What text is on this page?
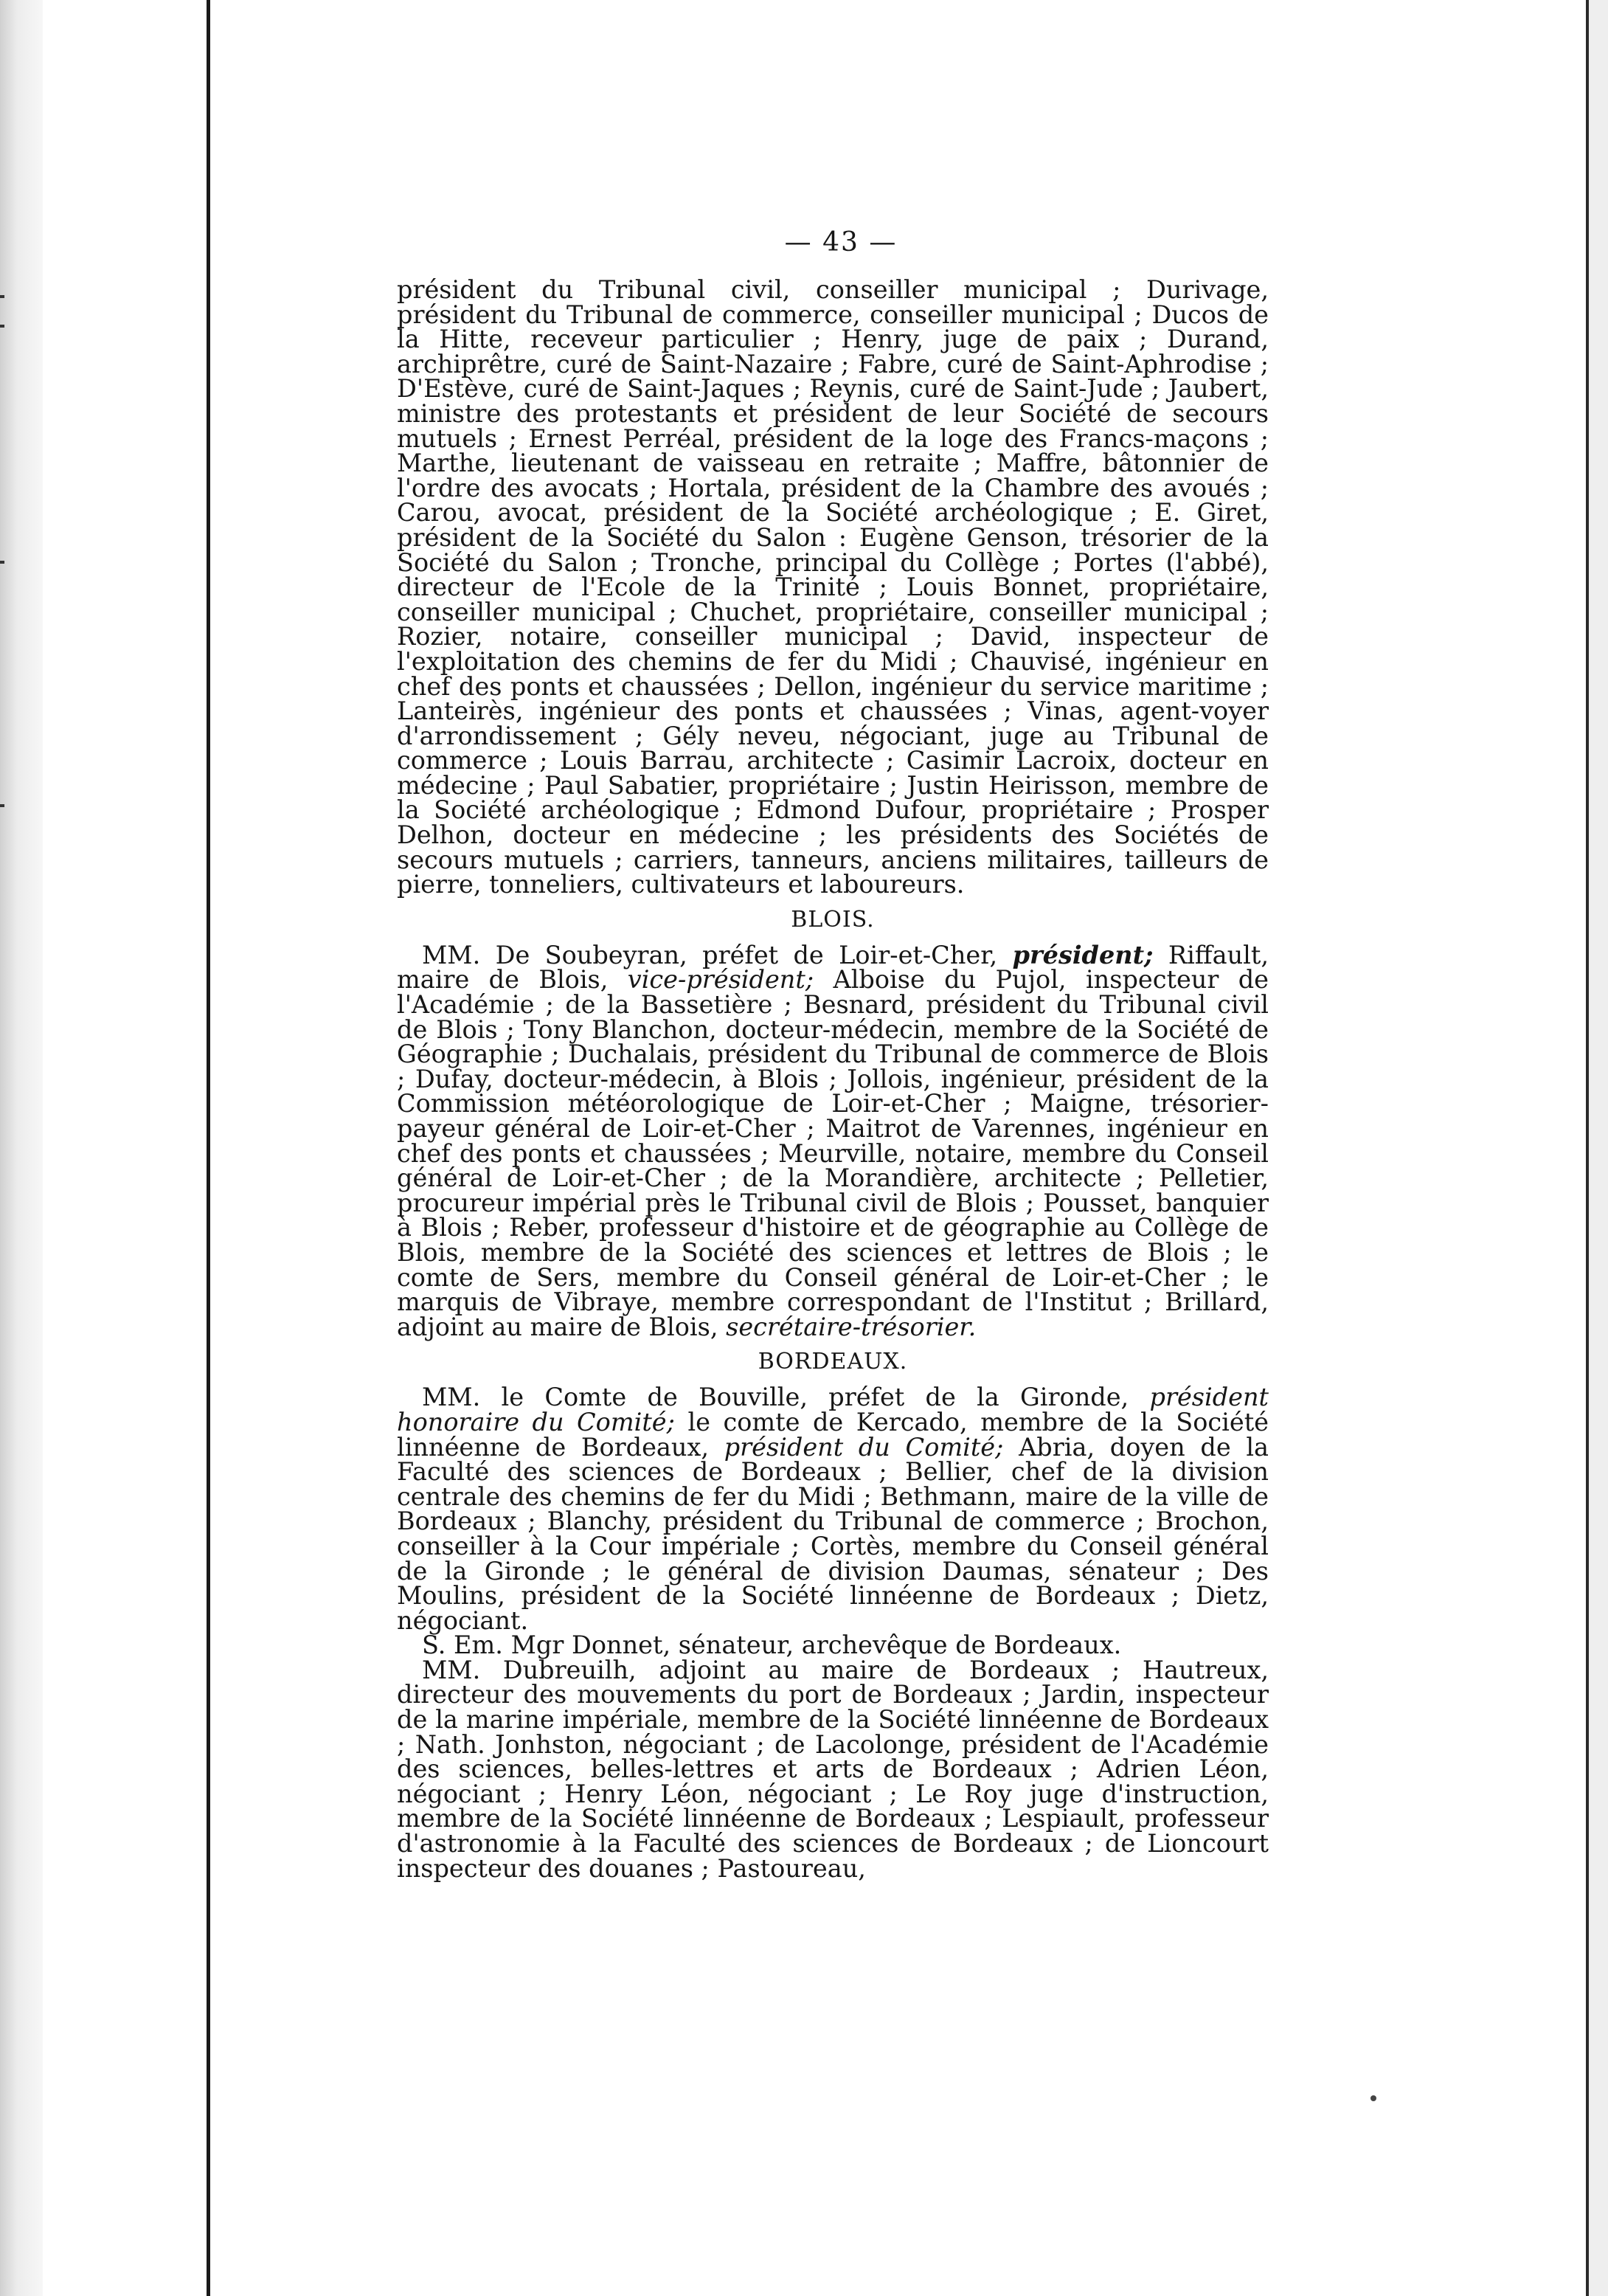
— 43 —

président du Tribunal civil, conseiller municipal ; Durivage, président du Tribunal de commerce, conseiller municipal ; Ducos de la Hitte, receveur particulier ; Henry, juge de paix ; Durand, archiprêtre, curé de Saint-Nazaire ; Fabre, curé de Saint-Aphrodise ; D'Estève, curé de Saint-Jaques ; Reynis, curé de Saint-Jude ; Jaubert, ministre des protestants et président de leur Société de secours mutuels ; Ernest Perréal, président de la loge des Francs-maçons ; Marthe, lieutenant de vaisseau en retraite ; Maffre, bâtonnier de l'ordre des avocats ; Hortala, président de la Chambre des avoués ; Carou, avocat, président de la Société archéologique ; E. Giret, président de la Société du Salon : Eugène Genson, trésorier de la Société du Salon ; Tronche, principal du Collège ; Portes (l'abbé), directeur de l'Ecole de la Trinité ; Louis Bonnet, propriétaire, conseiller municipal ; Chuchet, propriétaire, conseiller municipal ; Rozier, notaire, conseiller municipal ; David, inspecteur de l'exploitation des chemins de fer du Midi ; Chauvisé, ingénieur en chef des ponts et chaussées ; Dellon, ingénieur du service maritime ; Lanteirès, ingénieur des ponts et chaussées ; Vinas, agent-voyer d'arrondissement ; Gély neveu, négociant, juge au Tribunal de commerce ; Louis Barrau, architecte ; Casimir Lacroix, docteur en médecine ; Paul Sabatier, propriétaire ; Justin Heirisson, membre de la Société archéologique ; Edmond Dufour, propriétaire ; Prosper Delhon, docteur en médecine ; les présidents des Sociétés de secours mutuels ; carriers, tanneurs, anciens militaires, tailleurs de pierre, tonneliers, cultivateurs et laboureurs.

BLOIS.

MM. De Soubeyran, préfet de Loir-et-Cher, président; Riffault, maire de Blois, vice-président; Alboise du Pujol, inspecteur de l'Académie ; de la Bassetière ; Besnard, président du Tribunal civil de Blois ; Tony Blanchon, docteur-médecin, membre de la Société de Géographie ; Duchalais, président du Tribunal de commerce de Blois ; Dufay, docteur-médecin, à Blois ; Jollois, ingénieur, président de la Commission météorologique de Loir-et-Cher ; Maigne, trésorier-payeur général de Loir-et-Cher ; Maitrot de Varennes, ingénieur en chef des ponts et chaussées ; Meurville, notaire, membre du Conseil général de Loir-et-Cher ; de la Morandière, architecte ; Pelletier, procureur impérial près le Tribunal civil de Blois ; Pousset, banquier à Blois ; Reber, professeur d'histoire et de géographie au Collège de Blois, membre de la Société des sciences et lettres de Blois ; le comte de Sers, membre du Conseil général de Loir-et-Cher ; le marquis de Vibraye, membre correspondant de l'Institut ; Brillard, adjoint au maire de Blois, secrétaire-trésorier.

BORDEAUX.

MM. le Comte de Bouville, préfet de la Gironde, président honoraire du Comité; le comte de Kercado, membre de la Société linnéenne de Bordeaux, président du Comité; Abria, doyen de la Faculté des sciences de Bordeaux ; Bellier, chef de la division centrale des chemins de fer du Midi ; Bethmann, maire de la ville de Bordeaux ; Blanchy, président du Tribunal de commerce ; Brochon, conseiller à la Cour impériale ; Cortès, membre du Conseil général de la Gironde ; le général de division Daumas, sénateur ; Des Moulins, président de la Société linnéenne de Bordeaux ; Dietz, négociant.

S. Em. Mgr Donnet, sénateur, archevêque de Bordeaux.

MM. Dubreuilh, adjoint au maire de Bordeaux ; Hautreux, directeur des mouvements du port de Bordeaux ; Jardin, inspecteur de la marine impériale, membre de la Société linnéenne de Bordeaux ; Nath. Jonhston, négociant ; de Lacolonge, président de l'Académie des sciences, belles-lettres et arts de Bordeaux ; Adrien Léon, négociant ; Henry Léon, négociant ; Le Roy juge d'instruction, membre de la Société linnéenne de Bordeaux ; Lespiault, professeur d'astronomie à la Faculté des sciences de Bordeaux ; de Lioncourt inspecteur des douanes ; Pastoureau,
